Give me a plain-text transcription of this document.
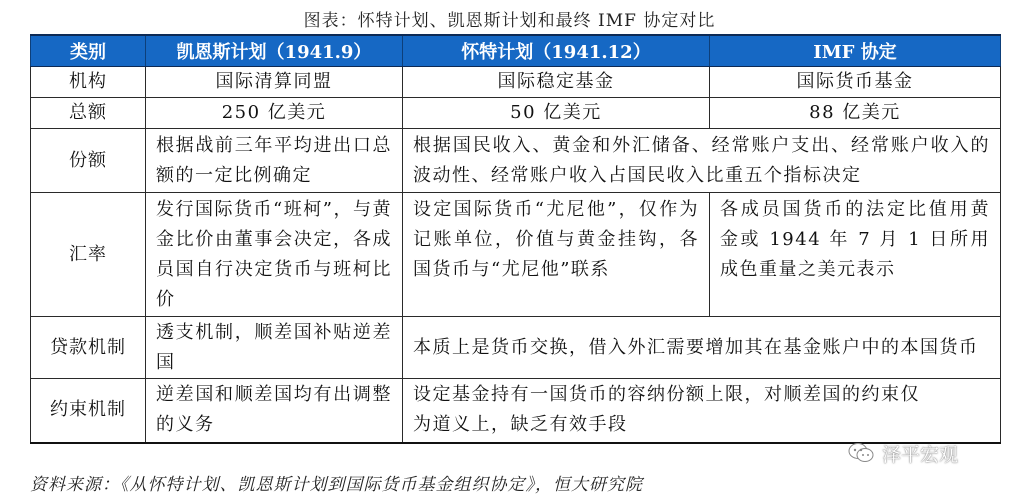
图表：怀特计划、凯恩斯计划和最终 IMF 协定对比
类别	凯恩斯计划（1941.9）	怀特计划（1941.12）	IMF 协定
机构	国际清算同盟	国际稳定基金	国际货币基金
总额	250 亿美元	50 亿美元	88 亿美元
份额	根据战前三年平均进出口总额的一定比例确定	根据国民收入、黄金和外汇储备、经常账户支出、经常账户收入的波动性、经常账户收入占国民收入比重五个指标决定	
汇率	发行国际货币“班柯”，与黄金比价由董事会决定，各成员国自行决定货币与班柯比价	设定国际货币“尤尼他”，仅作为记账单位，价值与黄金挂钩，各国货币与“尤尼他”联系	各成员国货币的法定比值用黄金或 1944 年 7 月 1 日所用成色重量之美元表示
贷款机制	透支机制，顺差国补贴逆差国	本质上是货币交换，借入外汇需要增加其在基金账户中的本国货币	
约束机制	逆差国和顺差国均有出调整的义务	设定基金持有一国货币的容纳份额上限，对顺差国的约束仅为道义上，缺乏有效手段	
泽平宏观
资料来源：《从怀特计划、凯恩斯计划到国际货币基金组织协定》，恒大研究院
